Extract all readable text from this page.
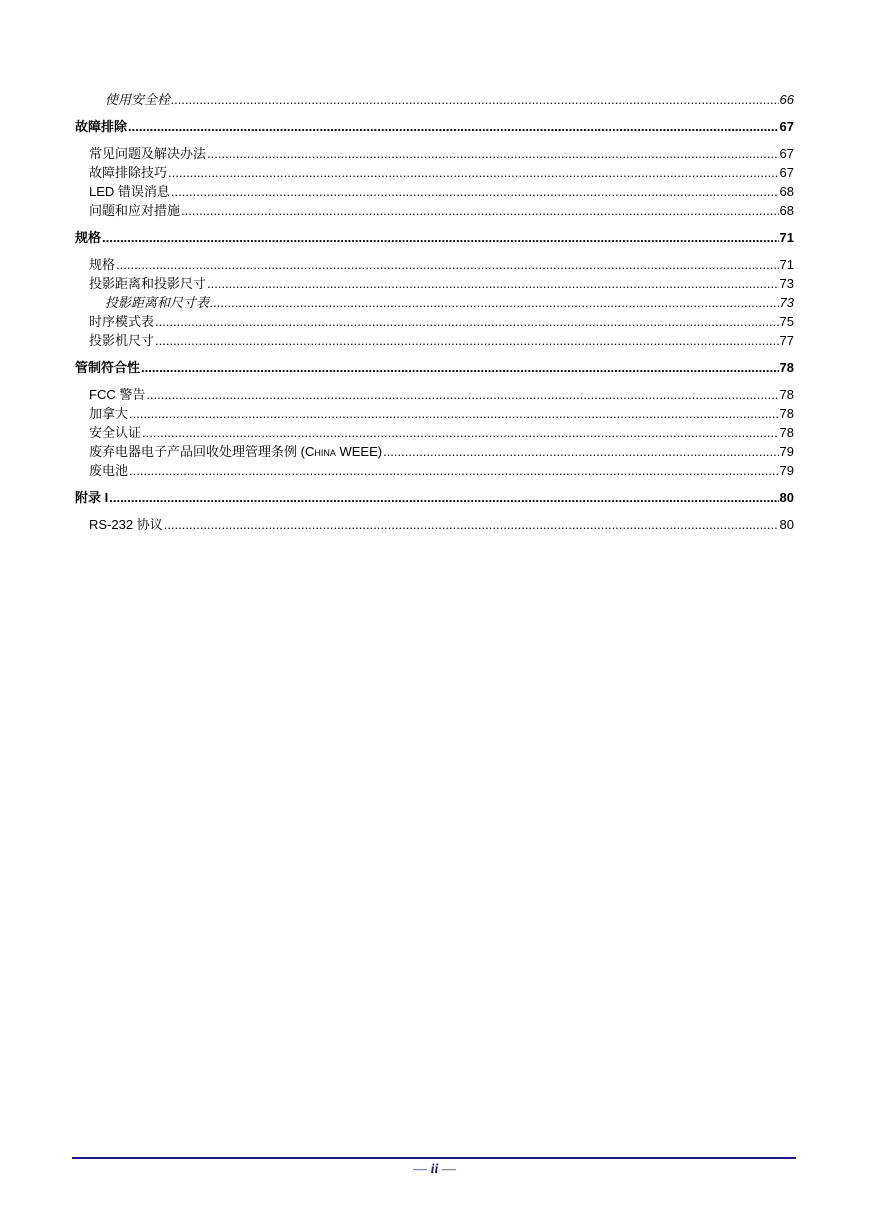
使用安全栓 .....	66
故障排除 .....	67
常见问题及解决办法 .....	67
故障排除技巧 .....	67
LED 错误消息 .....	68
问题和应对措施 .....	68
规格 .....	71
规格 .....	71
投影距离和投影尺寸 .....	73
投影距离和尺寸表 .....	73
时序模式表 .....	75
投影机尺寸 .....	77
管制符合性 .....	78
FCC 警告 .....	78
加拿大 .....	78
安全认证 .....	78
废弃电器电子产品回收处理管理条例 (China WEEE) .....	79
废电池 .....	79
附录 I .....	80
RS-232 协议 .....	80
— ii —
